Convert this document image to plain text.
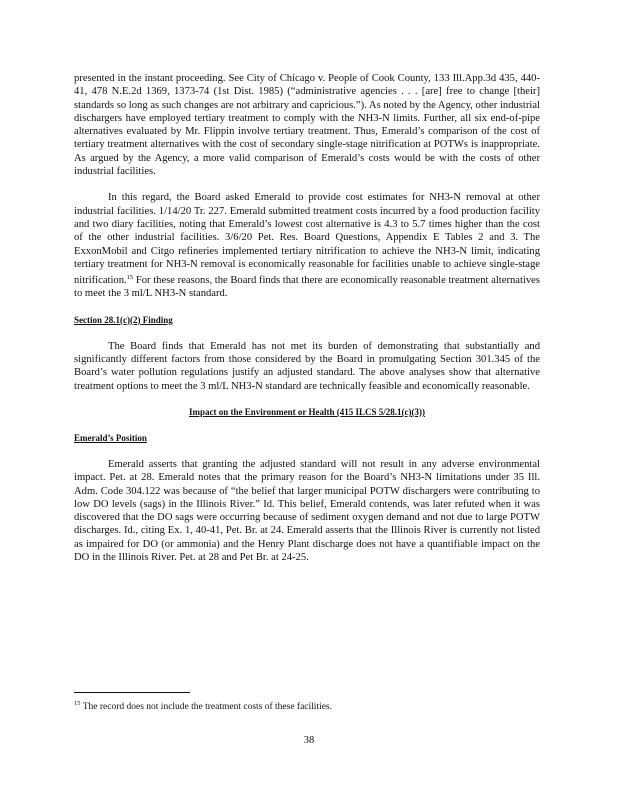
presented in the instant proceeding. See City of Chicago v. People of Cook County, 133 Ill.App.3d 435, 440-41, 478 N.E.2d 1369, 1373-74 (1st Dist. 1985) (“administrative agencies . . . [are] free to change [their] standards so long as such changes are not arbitrary and capricious.”). As noted by the Agency, other industrial dischargers have employed tertiary treatment to comply with the NH3-N limits. Further, all six end-of-pipe alternatives evaluated by Mr. Flippin involve tertiary treatment. Thus, Emerald’s comparison of the cost of tertiary treatment alternatives with the cost of secondary single-stage nitrification at POTWs is inappropriate. As argued by the Agency, a more valid comparison of Emerald’s costs would be with the costs of other industrial facilities.

In this regard, the Board asked Emerald to provide cost estimates for NH3-N removal at other industrial facilities. 1/14/20 Tr. 227. Emerald submitted treatment costs incurred by a food production facility and two diary facilities, noting that Emerald’s lowest cost alternative is 4.3 to 5.7 times higher than the cost of the other industrial facilities. 3/6/20 Pet. Res. Board Questions, Appendix E Tables 2 and 3. The ExxonMobil and Citgo refineries implemented tertiary nitrification to achieve the NH3-N limit, indicating tertiary treatment for NH3-N removal is economically reasonable for facilities unable to achieve single-stage nitrification.$^{15}$ For these reasons, the Board finds that there are economically reasonable treatment alternatives to meet the 3 ml/L NH3-N standard.

Section 28.1(c)(2) Finding

The Board finds that Emerald has not met its burden of demonstrating that substantially and significantly different factors from those considered by the Board in promulgating Section 301.345 of the Board’s water pollution regulations justify an adjusted standard. The above analyses show that alternative treatment options to meet the 3 ml/L NH3-N standard are technically feasible and economically reasonable.

Impact on the Environment or Health (415 ILCS 5/28.1(c)(3))

Emerald’s Position

Emerald asserts that granting the adjusted standard will not result in any adverse environmental impact. Pet. at 28. Emerald notes that the primary reason for the Board’s NH3-N limitations under 35 Ill. Adm. Code 304.122 was because of “the belief that larger municipal POTW dischargers were contributing to low DO levels (sags) in the Illinois River.” Id. This belief, Emerald contends, was later refuted when it was discovered that the DO sags were occurring because of sediment oxygen demand and not due to large POTW discharges. Id., citing Ex. 1, 40-41, Pet. Br. at 24. Emerald asserts that the Illinois River is currently not listed as impaired for DO (or ammonia) and the Henry Plant discharge does not have a quantifiable impact on the DO in the Illinois River. Pet. at 28 and Pet Br. at 24-25.

$^{15}$ The record does not include the treatment costs of these facilities.
38
